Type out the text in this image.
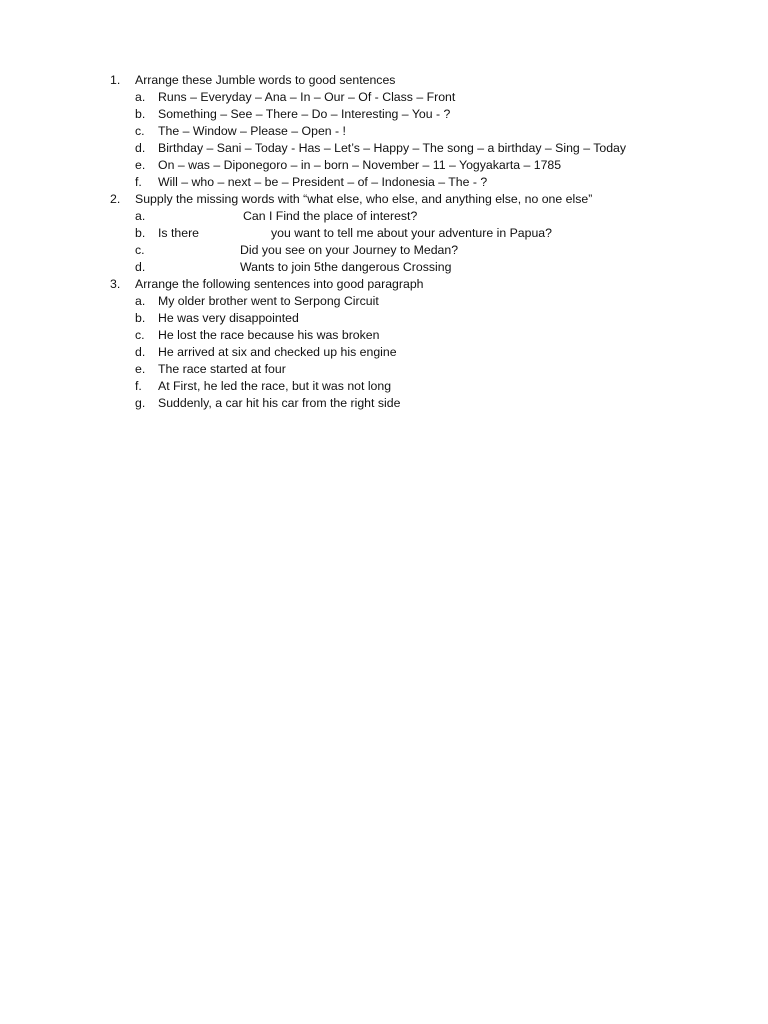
1.	Arrange these Jumble words to good sentences
a.	Runs – Everyday – Ana – In – Our – Of - Class – Front
b.	Something – See – There – Do – Interesting – You - ?
c.	The – Window – Please – Open - !
d.	Birthday – Sani – Today - Has – Let’s – Happy – The song – a birthday – Sing – Today
e.	On – was – Diponegoro – in – born – November – 11 – Yogyakarta – 1785
f.	Will – who – next – be – President – of – Indonesia – The - ?
2.	Supply the missing words with “what else, who else, and anything else, no one else”
a.	Can I Find the place of interest?
b.	Is there	you want to tell me about your adventure in Papua?
c.	Did you see on your Journey to Medan?
d.	Wants to join 5the dangerous Crossing
3.	Arrange the following sentences into good paragraph
a.	My older brother went to Serpong Circuit
b.	He was very disappointed
c.	He lost the race because his was broken
d.	He arrived at six and checked up his engine
e.	The race started at four
f.	At First, he led the race, but it was not long
g.	Suddenly, a car hit his car from the right side
